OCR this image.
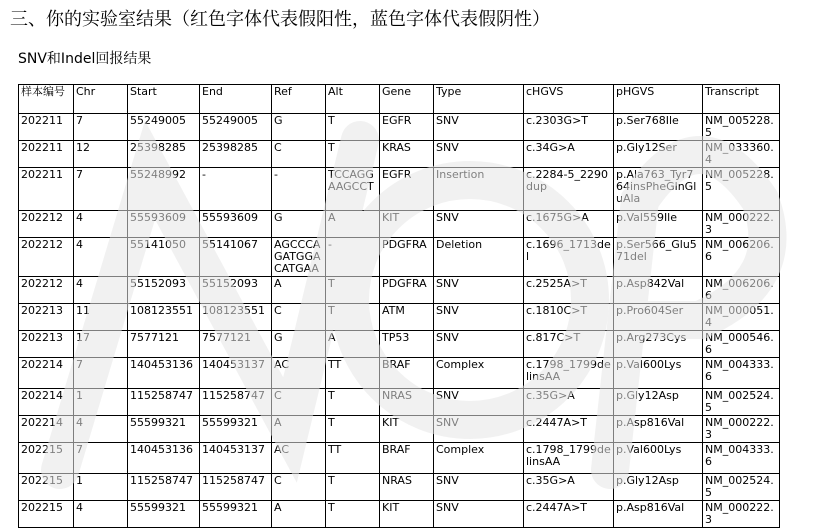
三、你的实验室结果（红色字体代表假阳性，蓝色字体代表假阴性）
SNV和Indel回报结果
样本编号	Chr	Start	End	Ref	Alt	Gene	Type	cHGVS	pHGVS	Transcript
202211	7	55249005	55249005	G	T	EGFR	SNV	c.2303G>T	p.Ser768Ile	NM_005228.5
202211	12	25398285	25398285	C	T	KRAS	SNV	c.34G>A	p.Gly12Ser	NM_033360.4
202211	7	55248992	-	-	TCCAGGAAGCCT	EGFR	Insertion	c.2284-5_2290dup	p.Ala763_Tyr764insPheGlnGluAla	NM_005228.5
202212	4	55593609	55593609	G	A	KIT	SNV	c.1675G>A	p.Val559Ile	NM_000222.3
202212	4	55141050	55141067	AGCCCAGATGGACATGAA	-	PDGFRA	Deletion	c.1696_1713del	p.Ser566_Glu571del	NM_006206.6
202212	4	55152093	55152093	A	T	PDGFRA	SNV	c.2525A>T	p.Asp842Val	NM_006206.6
202213	11	108123551	108123551	C	T	ATM	SNV	c.1810C>T	p.Pro604Ser	NM_000051.4
202213	17	7577121	7577121	G	A	TP53	SNV	c.817C>T	p.Arg273Cys	NM_000546.6
202214	7	140453136	140453137	AC	TT	BRAF	Complex	c.1798_1799delinsAA	p.Val600Lys	NM_004333.6
202214	1	115258747	115258747	C	T	NRAS	SNV	c.35G>A	p.Gly12Asp	NM_002524.5
202214	4	55599321	55599321	A	T	KIT	SNV	c.2447A>T	p.Asp816Val	NM_000222.3
202215	7	140453136	140453137	AC	TT	BRAF	Complex	c.1798_1799delinsAA	p.Val600Lys	NM_004333.6
202215	1	115258747	115258747	C	T	NRAS	SNV	c.35G>A	p.Gly12Asp	NM_002524.5
202215	4	55599321	55599321	A	T	KIT	SNV	c.2447A>T	p.Asp816Val	NM_000222.3
